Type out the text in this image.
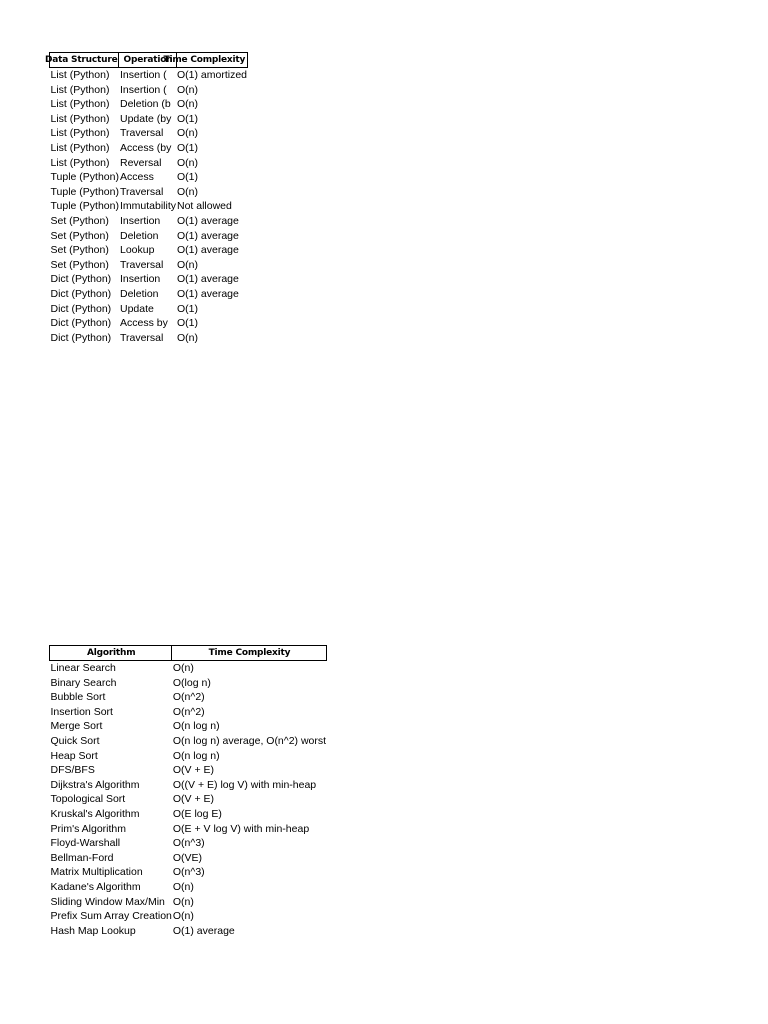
Data Structure	Operation	Time Complexity
List (Python)	Insertion (	O(1) amortized
List (Python)	Insertion (	O(n)
List (Python)	Deletion (b	O(n)
List (Python)	Update (by	O(1)
List (Python)	Traversal	O(n)
List (Python)	Access (by	O(1)
List (Python)	Reversal	O(n)
Tuple (Python)	Access	O(1)
Tuple (Python)	Traversal	O(n)
Tuple (Python)	Immutability	Not allowed
Set (Python)	Insertion	O(1) average
Set (Python)	Deletion	O(1) average
Set (Python)	Lookup	O(1) average
Set (Python)	Traversal	O(n)
Dict (Python)	Insertion	O(1) average
Dict (Python)	Deletion	O(1) average
Dict (Python)	Update	O(1)
Dict (Python)	Access by	O(1)
Dict (Python)	Traversal	O(n)
Algorithm	Time Complexity
Linear Search	O(n)
Binary Search	O(log n)
Bubble Sort	O(n^2)
Insertion Sort	O(n^2)
Merge Sort	O(n log n)
Quick Sort	O(n log n) average, O(n^2) worst
Heap Sort	O(n log n)
DFS/BFS	O(V + E)
Dijkstra's Algorithm	O((V + E) log V) with min-heap
Topological Sort	O(V + E)
Kruskal's Algorithm	O(E log E)
Prim's Algorithm	O(E + V log V) with min-heap
Floyd-Warshall	O(n^3)
Bellman-Ford	O(VE)
Matrix Multiplication	O(n^3)
Kadane's Algorithm	O(n)
Sliding Window Max/Min	O(n)
Prefix Sum Array Creation	O(n)
Hash Map Lookup	O(1) average
